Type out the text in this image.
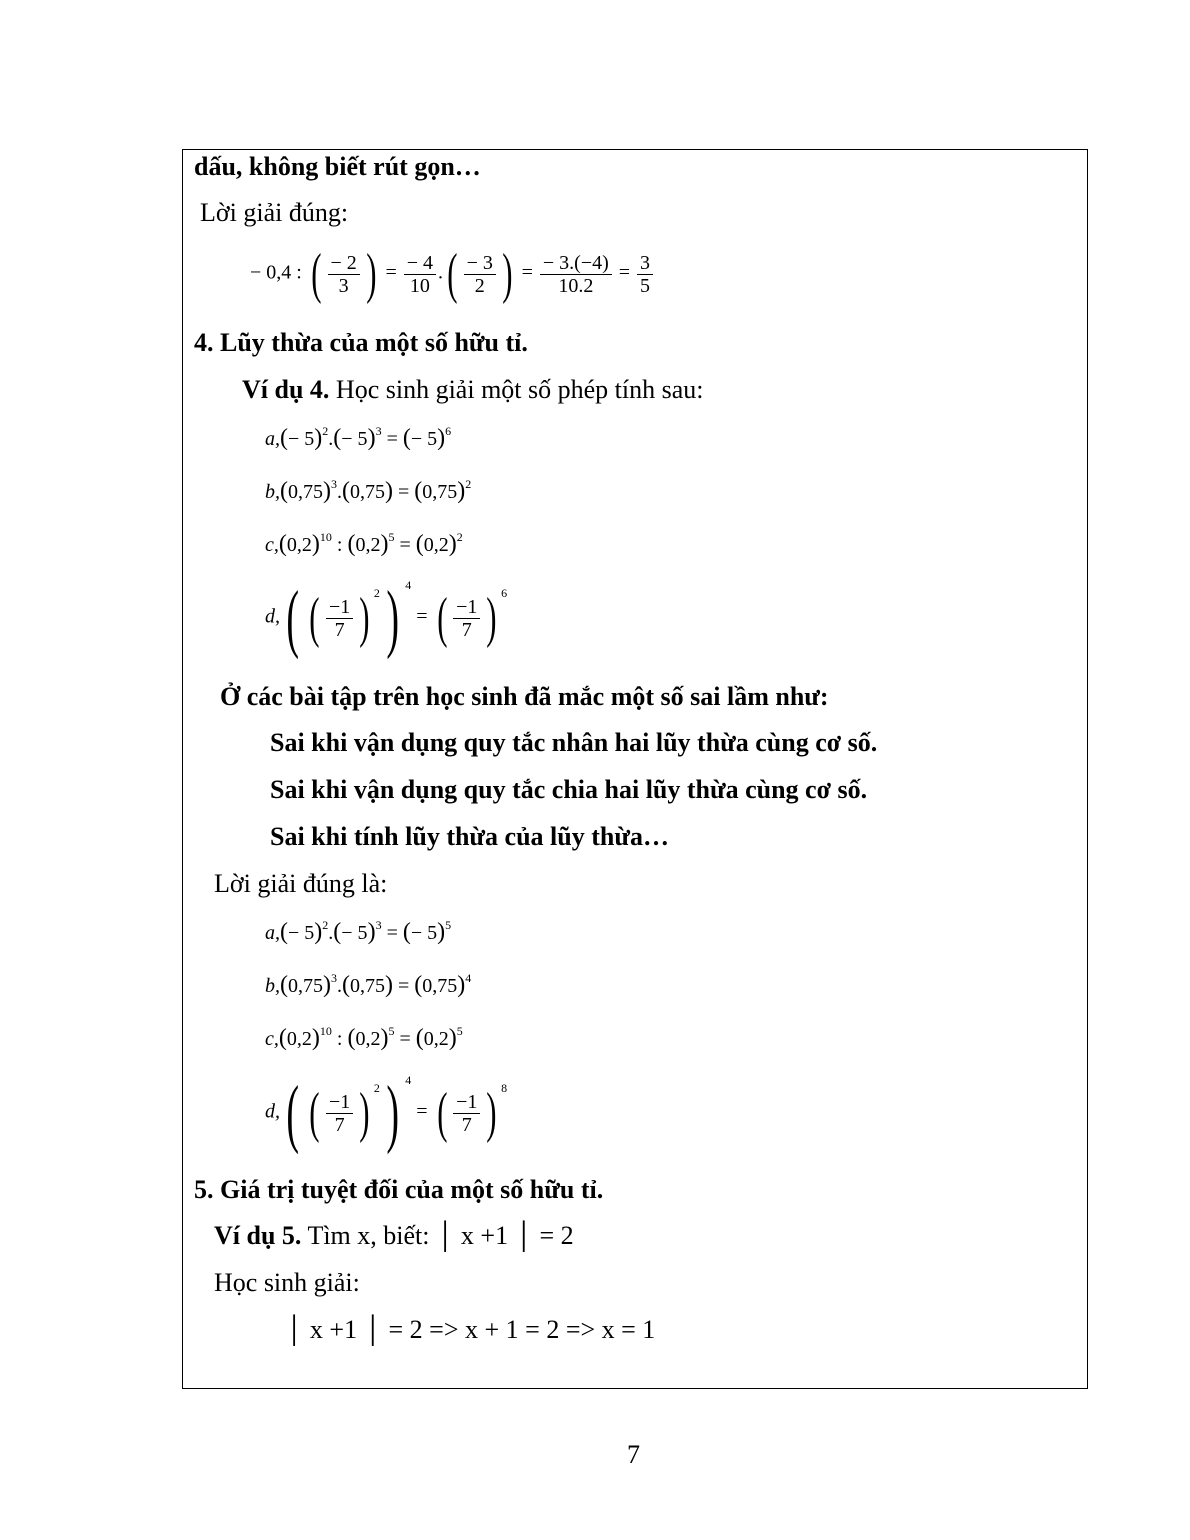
dấu, không biết rút gọn…
Lời giải đúng:
− 0,4 : ( $\frac{- 2}{3}$ ) = $\frac{- 4}{10}$ .( $\frac{- 3}{2}$ ) = $\frac{- 3.(-4)}{10.2} = \frac{3}{5}$
4. Lũy thừa của một số hữu tỉ.
Ví dụ 4. Học sinh giải một số phép tính sau:
$a,(- 5)^2.(- 5)^3$ = (− 5)$^6$
$b,(0,75)^3.(0,75) = (0,75)^2$
$c,(0,2)^{10}$ : $(0,2)^5 = (0,2)^2$
d,( ( $\frac{-1}{7}$ ) $^2$) $^4$ = ( $\frac{-1}{7}$ ) $^6$
Ở các bài tập trên học sinh đã mắc một số sai lầm như:
Sai khi vận dụng quy tắc nhân hai lũy thừa cùng cơ số.
Sai khi vận dụng quy tắc chia hai lũy thừa cùng cơ số.
Sai khi tính lũy thừa của lũy thừa…
Lời giải đúng là:
$a,(- 5)^2.(- 5)^3$ = (− 5)$^5$
$b,(0,75)^3.(0,75) = (0,75)^4$
$c,(0,2)^{10}$ : $(0,2)^5 = (0,2)^5$
d,( ( $\frac{-1}{7}$ ) $^2$) $^4$ = ( $\frac{-1}{7}$ ) $^8$
5. Giá trị tuyệt đối của một số hữu tỉ.
Ví dụ 5. Tìm x, biết: │ x +1 │ = 2
Học sinh giải:
│ x +1 │ = 2 => x + 1 = 2 => x = 1
7
